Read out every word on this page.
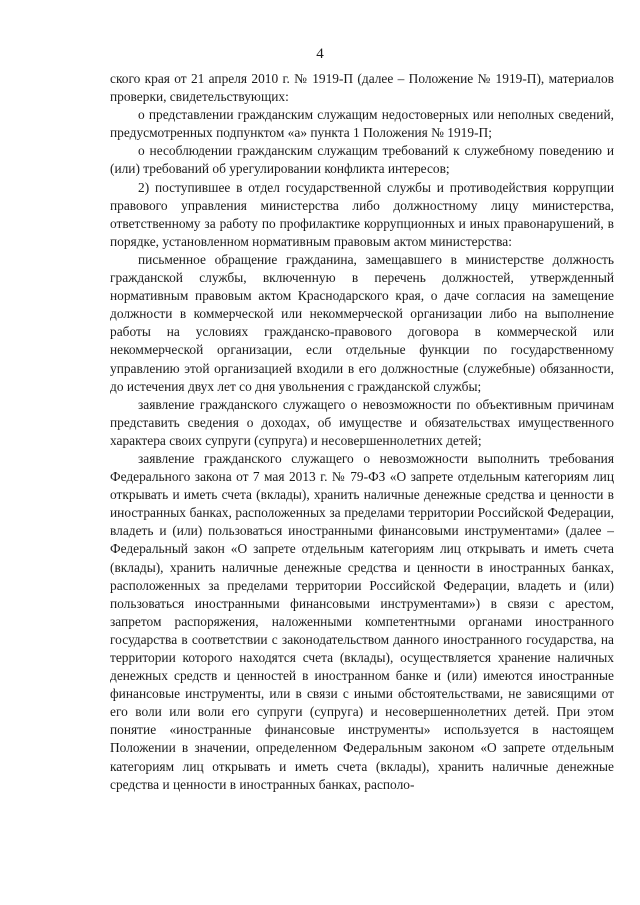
4

ского края от 21 апреля 2010 г. № 1919-П (далее – Положение № 1919-П), материалов проверки, свидетельствующих:

о представлении гражданским служащим недостоверных или неполных сведений, предусмотренных подпунктом «а» пункта 1 Положения № 1919-П;

о несоблюдении гражданским служащим требований к служебному поведению и (или) требований об урегулировании конфликта интересов;

2) поступившее в отдел государственной службы и противодействия коррупции правового управления министерства либо должностному лицу министерства, ответственному за работу по профилактике коррупционных и иных правонарушений, в порядке, установленном нормативным правовым актом министерства:

письменное обращение гражданина, замещавшего в министерстве должность гражданской службы, включенную в перечень должностей, утвержденный нормативным правовым актом Краснодарского края, о даче согласия на замещение должности в коммерческой или некоммерческой организации либо на выполнение работы на условиях гражданско-правового договора в коммерческой или некоммерческой организации, если отдельные функции по государственному управлению этой организацией входили в его должностные (служебные) обязанности, до истечения двух лет со дня увольнения с гражданской службы;

заявление гражданского служащего о невозможности по объективным причинам представить сведения о доходах, об имуществе и обязательствах имущественного характера своих супруги (супруга) и несовершеннолетних детей;

заявление гражданского служащего о невозможности выполнить требования Федерального закона от 7 мая 2013 г. № 79-ФЗ «О запрете отдельным категориям лиц открывать и иметь счета (вклады), хранить наличные денежные средства и ценности в иностранных банках, расположенных за пределами территории Российской Федерации, владеть и (или) пользоваться иностранными финансовыми инструментами» (далее – Федеральный закон «О запрете отдельным категориям лиц открывать и иметь счета (вклады), хранить наличные денежные средства и ценности в иностранных банках, расположенных за пределами территории Российской Федерации, владеть и (или) пользоваться иностранными финансовыми инструментами») в связи с арестом, запретом распоряжения, наложенными компетентными органами иностранного государства в соответствии с законодательством данного иностранного государства, на территории которого находятся счета (вклады), осуществляется хранение наличных денежных средств и ценностей в иностранном банке и (или) имеются иностранные финансовые инструменты, или в связи с иными обстоятельствами, не зависящими от его воли или воли его супруги (супруга) и несовершеннолетних детей. При этом понятие «иностранные финансовые инструменты» используется в настоящем Положении в значении, определенном Федеральным законом «О запрете отдельным категориям лиц открывать и иметь счета (вклады), хранить наличные денежные средства и ценности в иностранных банках, располо-
